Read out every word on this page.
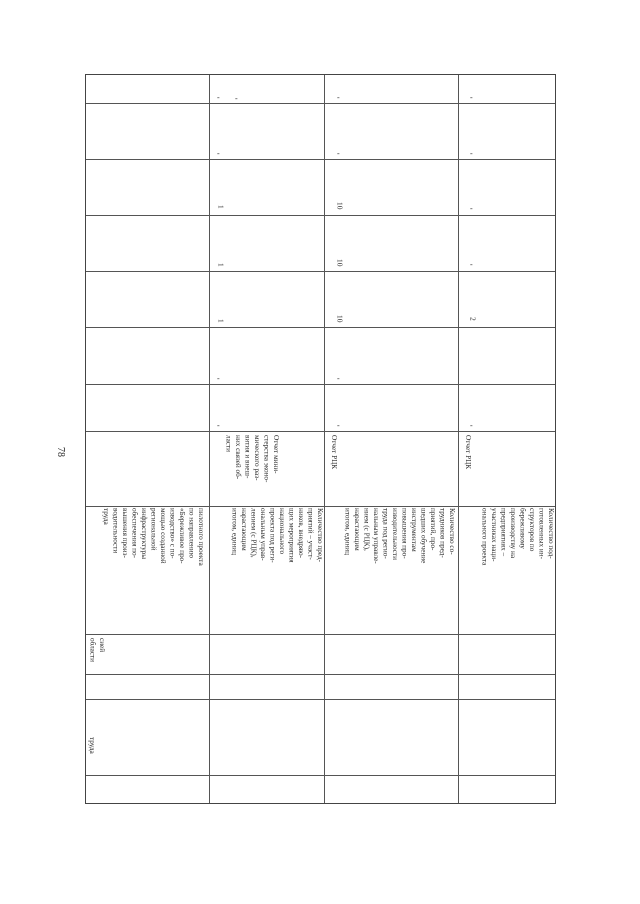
78
труда
сией
области
пилотного проекта
по направлению
«Бережливое про-
изводство» с по-
мощью созданной
региональной
инфраструктуры
обеспечения по-
вышения произ-
водительности
труда	Количество пред-
приятий – участ-
ников, внедряю-
щих мероприятия
национального
проекта под реги-
ональным управ-
лением (с РЦК),
нарастающим
итогом, единиц
Отчет мини-
стерства эконо-
мического раз-
вития и внеш-
них связей об-
ласти
Количество со-
трудников пред-
приятий, про-
шедших обучение
инструментам
повышения про-
изводительности
труда под регио-
нальным управле-
нием (с РЦК),
нарастающим
итогом, единиц
Отчет РЦК
Количество под-
готовленных ин-
структоров по
бережливому
производству на
предприятиях –
участниках наци-
онального проекта
Отчет РЦК
-
-
-
1
1
1
-
-
-
-
10
10
10
-
-
-
2
-
-
-
-
